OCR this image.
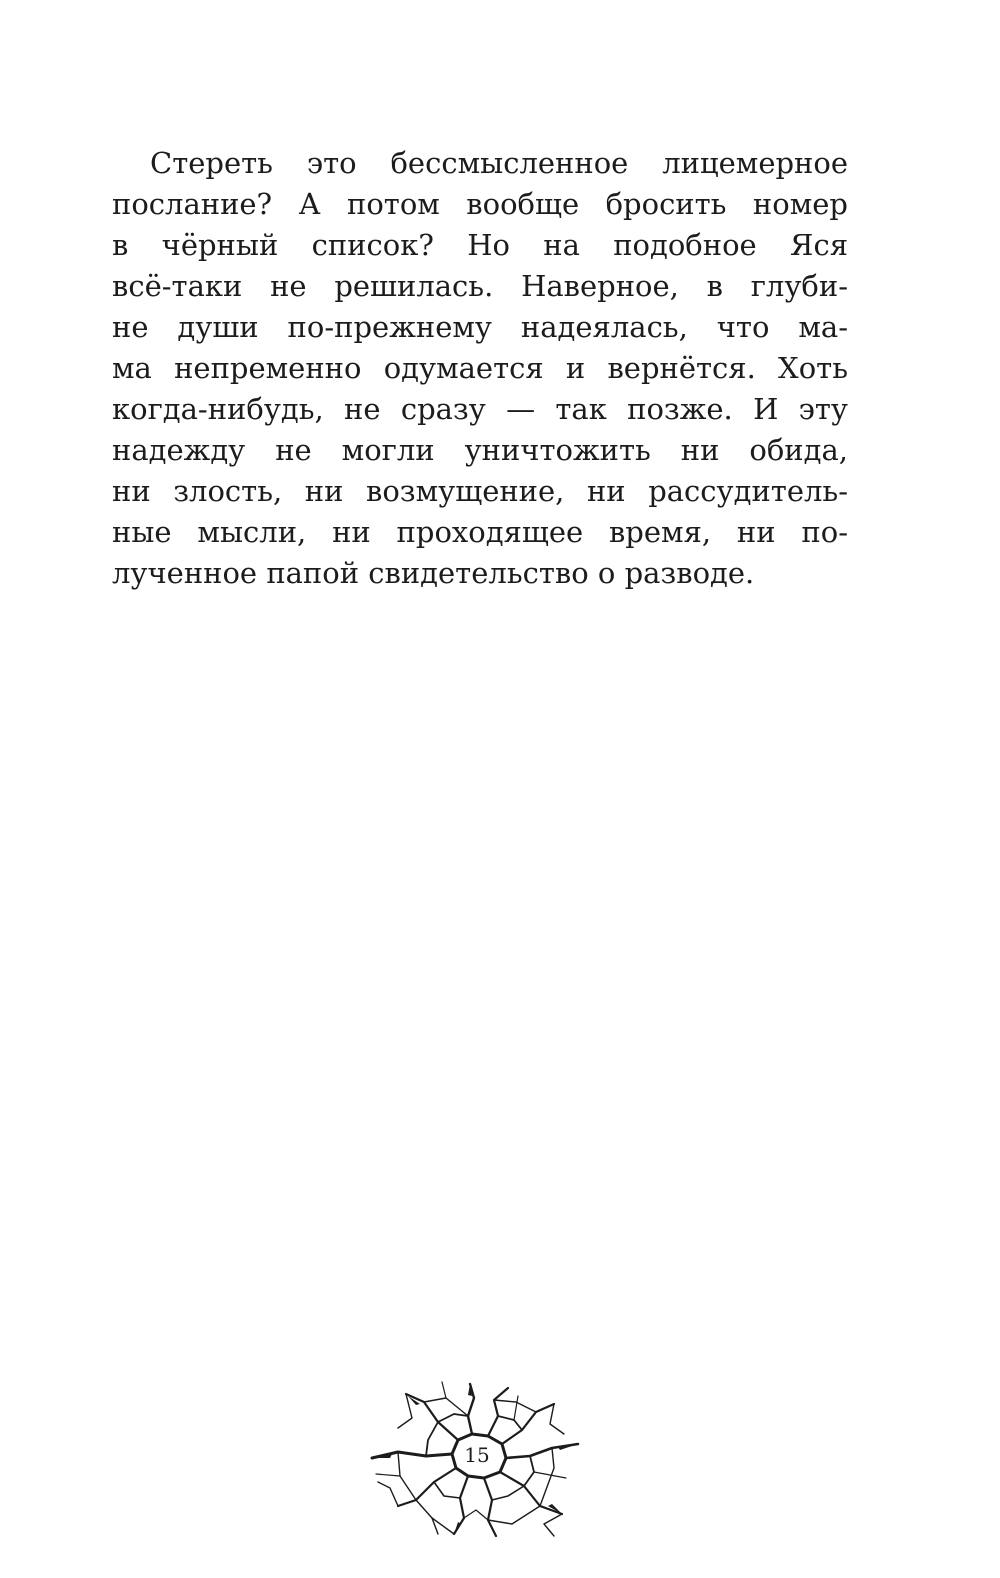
Стереть это бессмысленное лицемерное
послание? А потом вообще бросить номер
в чёрный список? Но на подобное Яся
всё-таки не решилась. Наверное, в глуби-
не души по-прежнему надеялась, что ма-
ма непременно одумается и вернётся. Хоть
когда-нибудь, не сразу — так позже. И эту
надежду не могли уничтожить ни обида,
ни злость, ни возмущение, ни рассудитель-
ные мысли, ни проходящее время, ни по-
лученное папой свидетельство о разводе.
15
